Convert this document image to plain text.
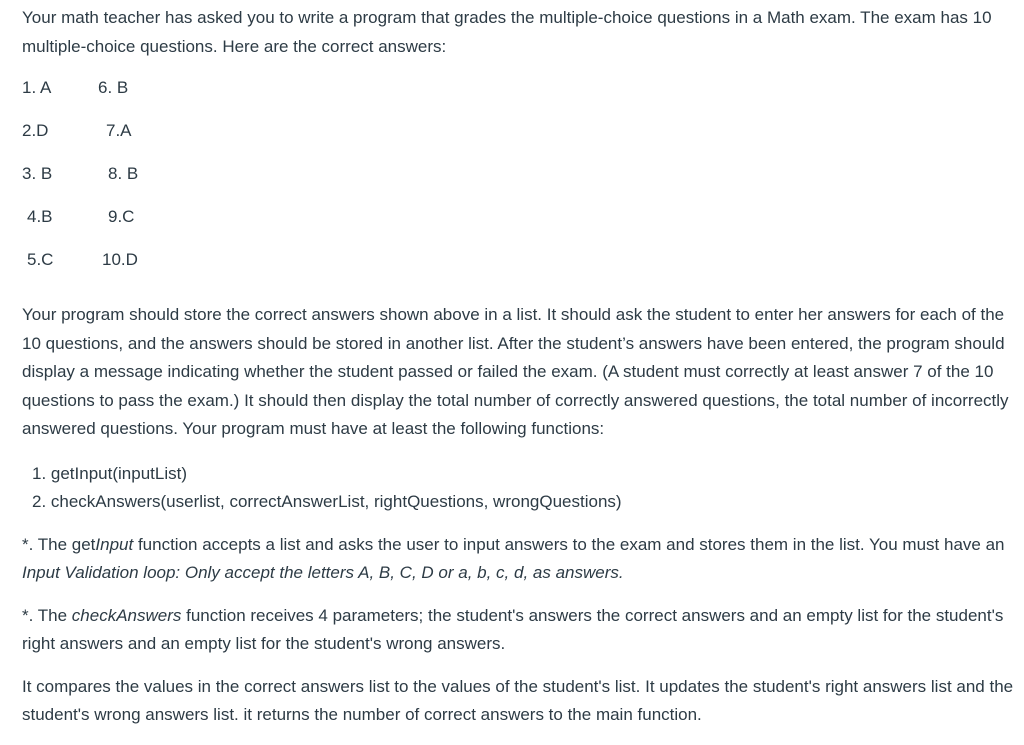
Your math teacher has asked you to write a program that grades the multiple-choice questions in a Math exam. The exam has 10 multiple-choice questions. Here are the correct answers:

1. A	6. B
2.D	7.A
3. B	8. B
4.B	9.C
5.C	10.D

Your program should store the correct answers shown above in a list. It should ask the student to enter her answers for each of the 10 questions, and the answers should be stored in another list. After the student’s answers have been entered, the program should display a message indicating whether the student passed or failed the exam. (A student must correctly at least answer 7 of the 10 questions to pass the exam.) It should then display the total number of correctly answered questions, the total number of incorrectly answered questions. Your program must have at least the following functions:

1. getInput(inputList)
2. checkAnswers(userlist, correctAnswerList, rightQuestions, wrongQuestions)

*. The getInput function accepts a list and asks the user to input answers to the exam and stores them in the list. You must have an Input Validation loop: Only accept the letters A, B, C, D or a, b, c, d, as answers.

*. The checkAnswers function receives 4 parameters; the student's answers the correct answers and an empty list for the student's right answers and an empty list for the student's wrong answers.

It compares the values in the correct answers list to the values of the student's list. It updates the student's right answers list and the student's wrong answers list. it returns the number of correct answers to the main function.
